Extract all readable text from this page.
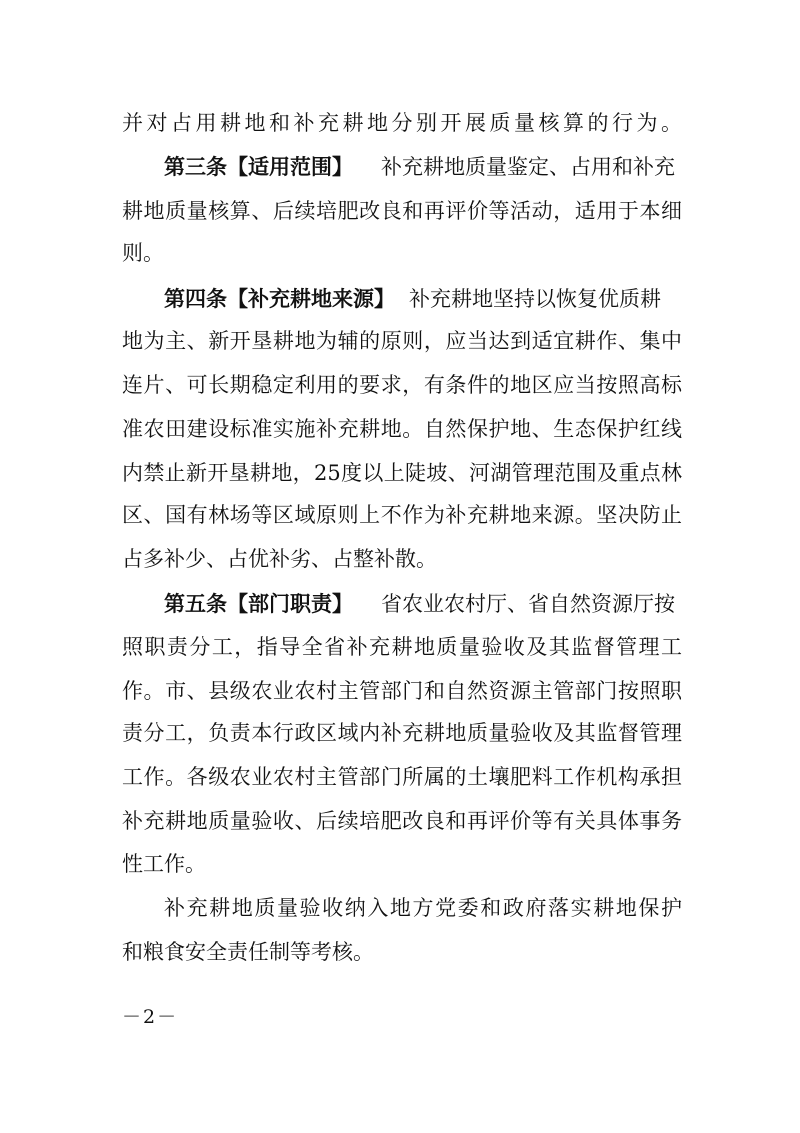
并对占用耕地和补充耕地分别开展质量核算的行为。
第三条【适用范围】 补充耕地质量鉴定、占用和补充
耕地质量核算、后续培肥改良和再评价等活动，适用于本细
则。
第四条【补充耕地来源】 补充耕地坚持以恢复优质耕
地为主、新开垦耕地为辅的原则，应当达到适宜耕作、集中
连片、可长期稳定利用的要求，有条件的地区应当按照高标
准农田建设标准实施补充耕地。自然保护地、生态保护红线
内禁止新开垦耕地，25度以上陡坡、河湖管理范围及重点林
区、国有林场等区域原则上不作为补充耕地来源。坚决防止
占多补少、占优补劣、占整补散。
第五条【部门职责】 省农业农村厅、省自然资源厅按
照职责分工，指导全省补充耕地质量验收及其监督管理工
作。市、县级农业农村主管部门和自然资源主管部门按照职
责分工，负责本行政区域内补充耕地质量验收及其监督管理
工作。各级农业农村主管部门所属的土壤肥料工作机构承担
补充耕地质量验收、后续培肥改良和再评价等有关具体事务
性工作。
补充耕地质量验收纳入地方党委和政府落实耕地保护
和粮食安全责任制等考核。
－2－
